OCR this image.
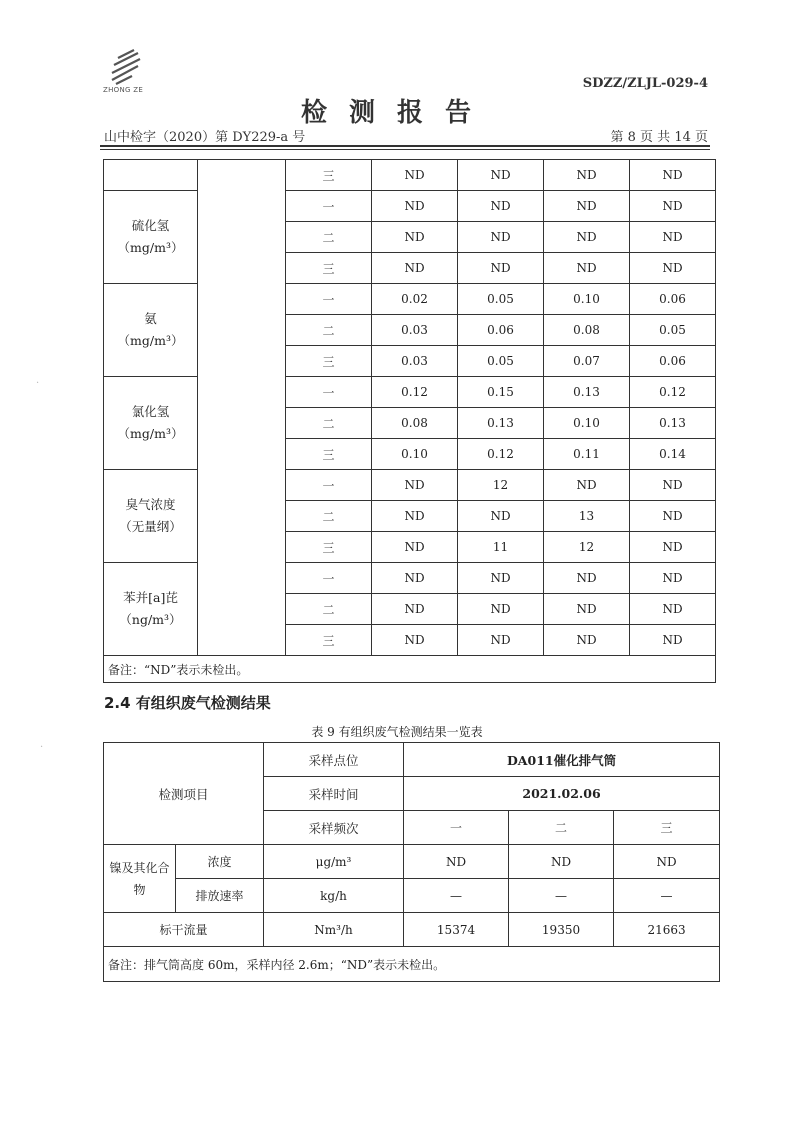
ZHONG ZE	SDZZ/ZLJL-029-4
检测报告
山中检字（2020）第 DY229-a 号	第 8 页 共 14 页
		三	ND	ND	ND	ND

硫化氢
（mg/m³）		一	ND	ND	ND	ND
		二	ND	ND	ND	ND
		三	ND	ND	ND	ND

氨
（mg/m³）		一	0.02	0.05	0.10	0.06
		二	0.03	0.06	0.08	0.05
		三	0.03	0.05	0.07	0.06

氯化氢
（mg/m³）		一	0.12	0.15	0.13	0.12
		二	0.08	0.13	0.10	0.13
		三	0.10	0.12	0.11	0.14

臭气浓度
（无量纲）		一	ND	12	ND	ND
		二	ND	ND	13	ND
		三	ND	11	12	ND

苯并[a]芘
（ng/m³）		一	ND	ND	ND	ND
		二	ND	ND	ND	ND
		三	ND	ND	ND	ND
备注：“ND”表示未检出。						
2.4 有组织废气检测结果
表 9 有组织废气检测结果一览表
检测项目		采样点位	DA011催化排气筒		
		采样时间	2021.02.06		
		采样频次	一	二	三
镍及其化合物	浓度	μg/m³	ND	ND	ND
	排放速率	kg/h	—	—	—
标干流量		Nm³/h	15374	19350	21663
备注：排气筒高度 60m，采样内径 2.6m；“ND”表示未检出。					
·
·
